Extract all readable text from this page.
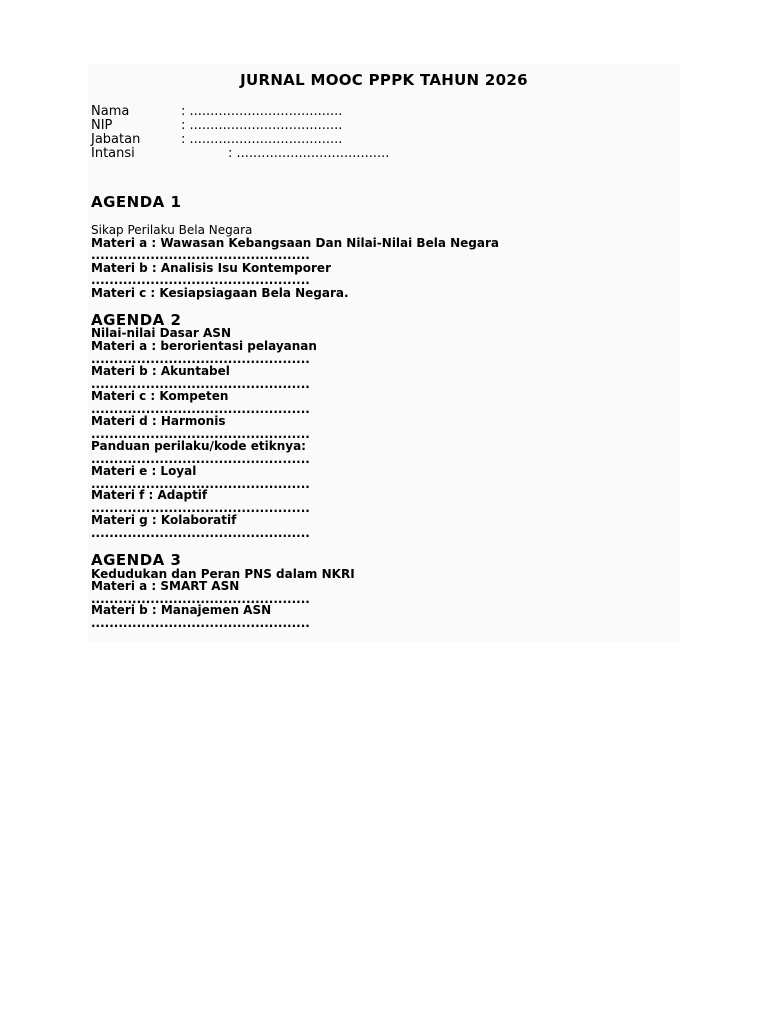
JURNAL MOOC PPPK TAHUN 2026
Nama	: .....................................
NIP	: .....................................
Jabatan	: .....................................
Intansi	: .....................................
AGENDA 1
Sikap Perilaku Bela Negara
Materi a : Wawasan Kebangsaan Dan Nilai-Nilai Bela Negara
................................................
Materi b : Analisis Isu Kontemporer
................................................
Materi c : Kesiapsiagaan Bela Negara.
AGENDA 2
Nilai-nilai Dasar ASN
Materi a : berorientasi pelayanan
................................................
Materi b : Akuntabel
................................................
Materi c : Kompeten
................................................
Materi d : Harmonis
................................................
Panduan perilaku/kode etiknya:
................................................
Materi e : Loyal
................................................
Materi f : Adaptif
................................................
Materi g : Kolaboratif
................................................
AGENDA 3
Kedudukan dan Peran PNS dalam NKRI
Materi a : SMART ASN
................................................
Materi b : Manajemen ASN
................................................
